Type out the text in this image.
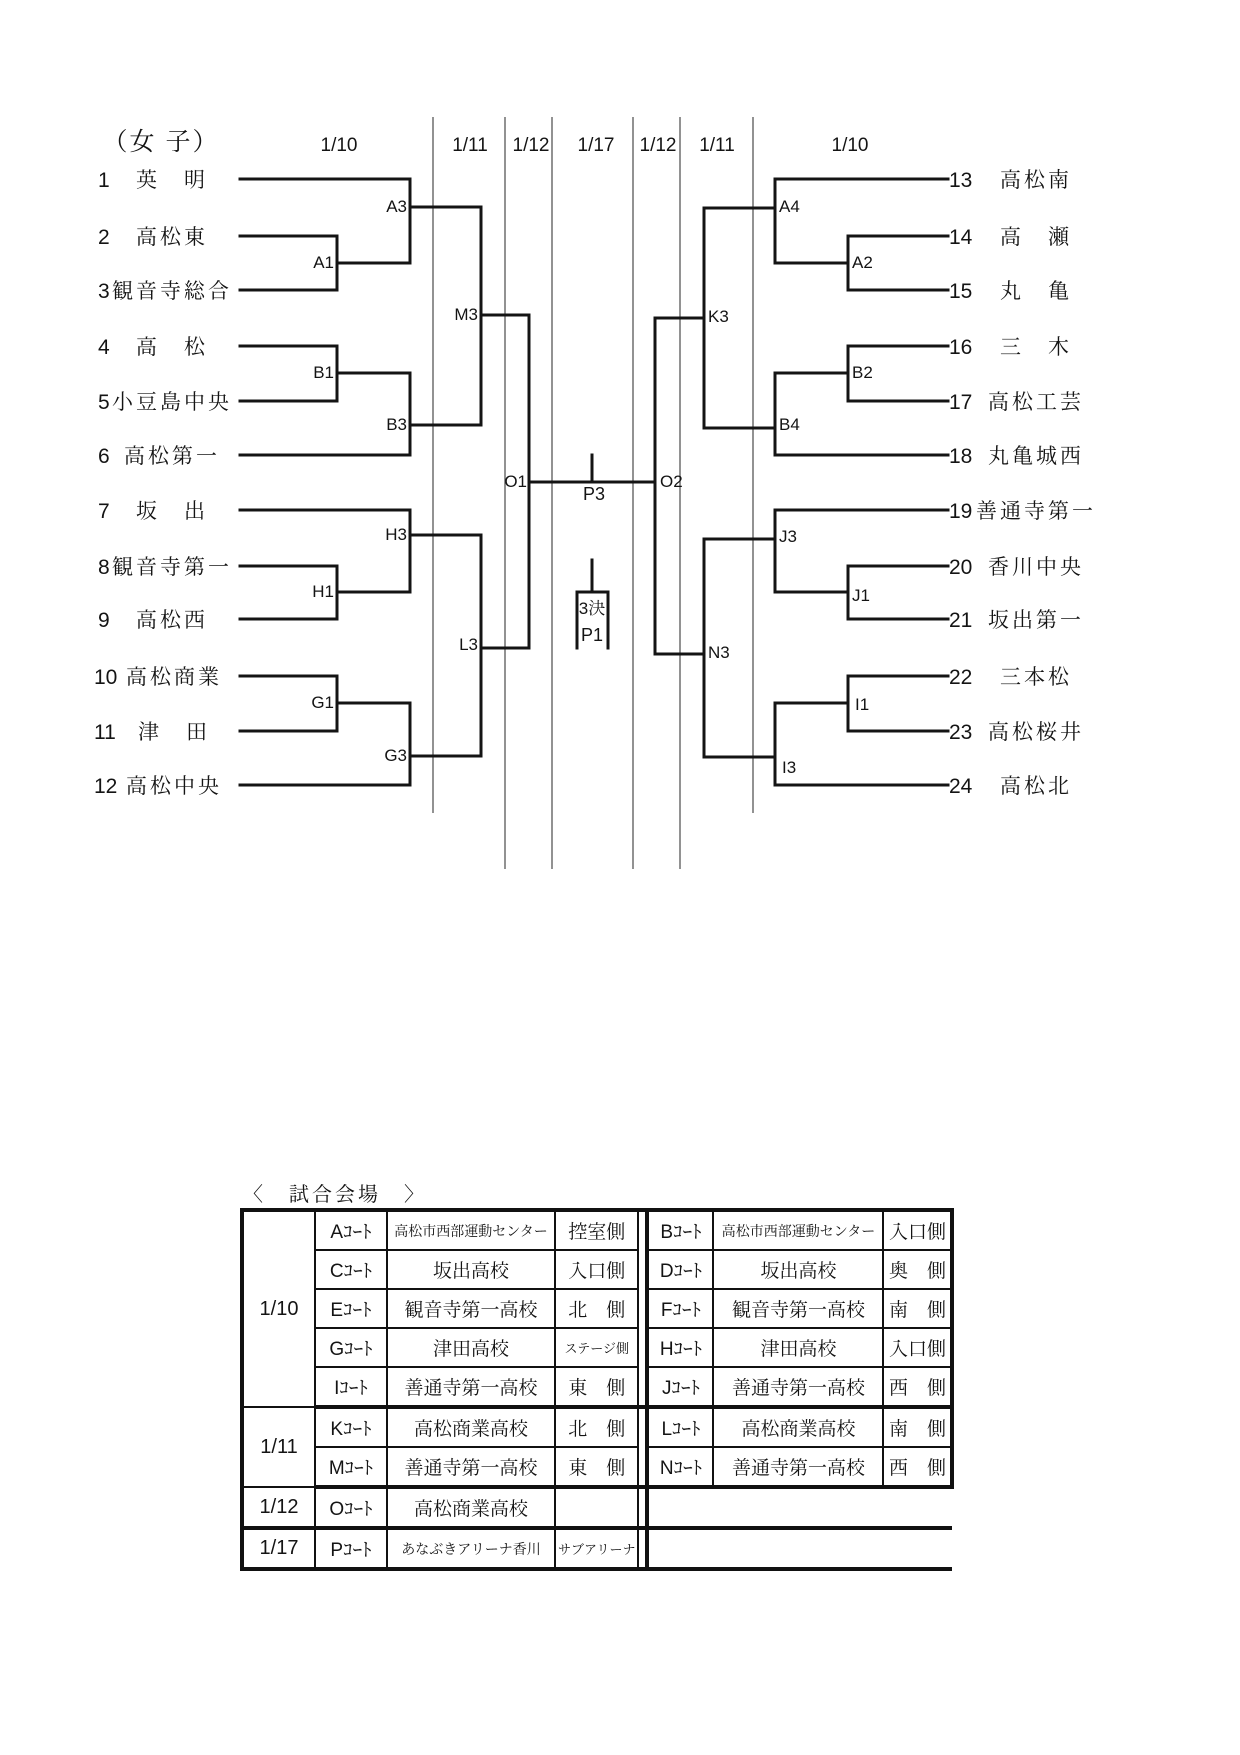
（女 子）	1/10	1/11 1/12 1/17 1/12 1/11	1/10
1 英　明
2 高松東
3 観音寺総合
4 高　松
5 小豆島中央
6 高松第一
7 坂　出
8 観音寺第一
9 高松西
10 高松商業
11 津　田
12 高松中央
13 高松南
14 高　瀬
15 丸　亀
16 三　木
17 高松工芸
18 丸亀城西
19 善通寺第一
20 香川中央
21 坂出第一
22 三本松
23 高松桜井
24 高松北
A1
A3
B1
B3
M3
H1
H3
G1
G3
L3
O1
A2
A4
B2
B4
K3
J1
J3
I1
I3
N3
O2
P3
3決
P1
〈　試合会場　〉
1/10	Aｺｰﾄ	高松市西部運動センター	控室側		Bｺｰﾄ	高松市西部運動センター	入口側
	Cｺｰﾄ	坂出高校	入口側		Dｺｰﾄ	坂出高校	奥　側
	Eｺｰﾄ	観音寺第一高校	北　側		Fｺｰﾄ	観音寺第一高校	南　側
	Gｺｰﾄ	津田高校	ステージ側		Hｺｰﾄ	津田高校	入口側
	Iｺｰﾄ	善通寺第一高校	東　側		Jｺｰﾄ	善通寺第一高校	西　側
1/11	Kｺｰﾄ	高松商業高校	北　側		Lｺｰﾄ	高松商業高校	南　側
	Mｺｰﾄ	善通寺第一高校	東　側		Nｺｰﾄ	善通寺第一高校	西　側
1/12	Oｺｰﾄ	高松商業高校					
1/17	Pｺｰﾄ	あなぶきアリーナ香川	サブアリーナ				
